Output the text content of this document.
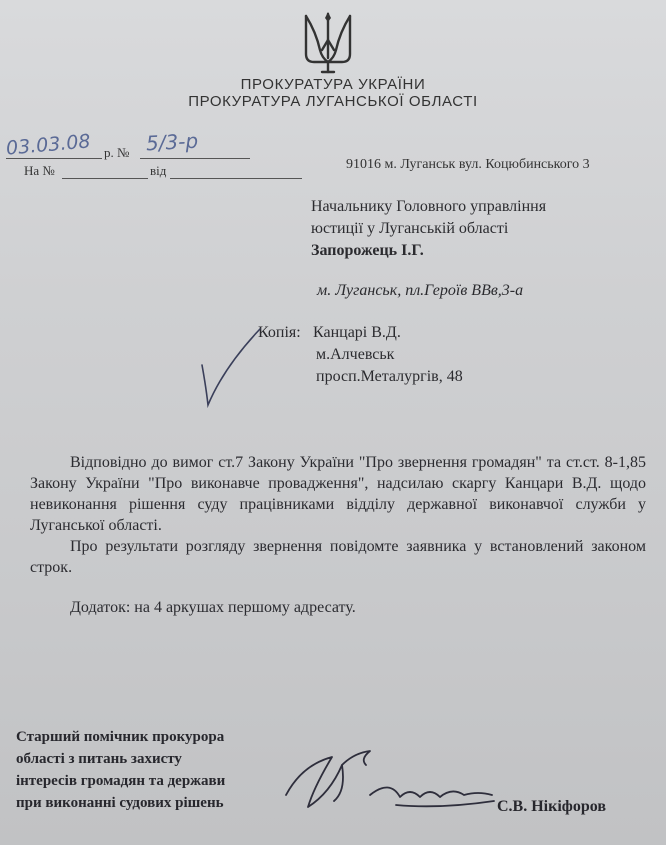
ПРОКУРАТУРА УКРАЇНИ
ПРОКУРАТУРА ЛУГАНСЬКОЇ ОБЛАСТІ
03.03.08 р. № 5/3-р
На №	від	91016 м. Луганськ вул. Коцюбинського 3
Начальнику Головного управління
юстиції у Луганській області
Запорожець І.Г.
м. Луганськ, пл.Героїв ВВв,3-а
Копія: Канцарі В.Д.
м.Алчевськ
просп.Металургів, 48
Відповідно до вимог ст.7 Закону України "Про звернення громадян" та ст.ст. 8-1,85 Закону України "Про виконавче провадження", надсилаю скаргу Канцари В.Д. щодо невиконання рішення суду працівниками відділу державної виконавчої служби у Луганської області.
Про результати розгляду звернення повідомте заявника у встановлений законом строк.
Додаток: на 4 аркушах першому адресату.
Старший помічник прокурора
області з питань захисту
інтересів громадян та держави
при виконанні судових рішень	С.В. Нікіфоров
